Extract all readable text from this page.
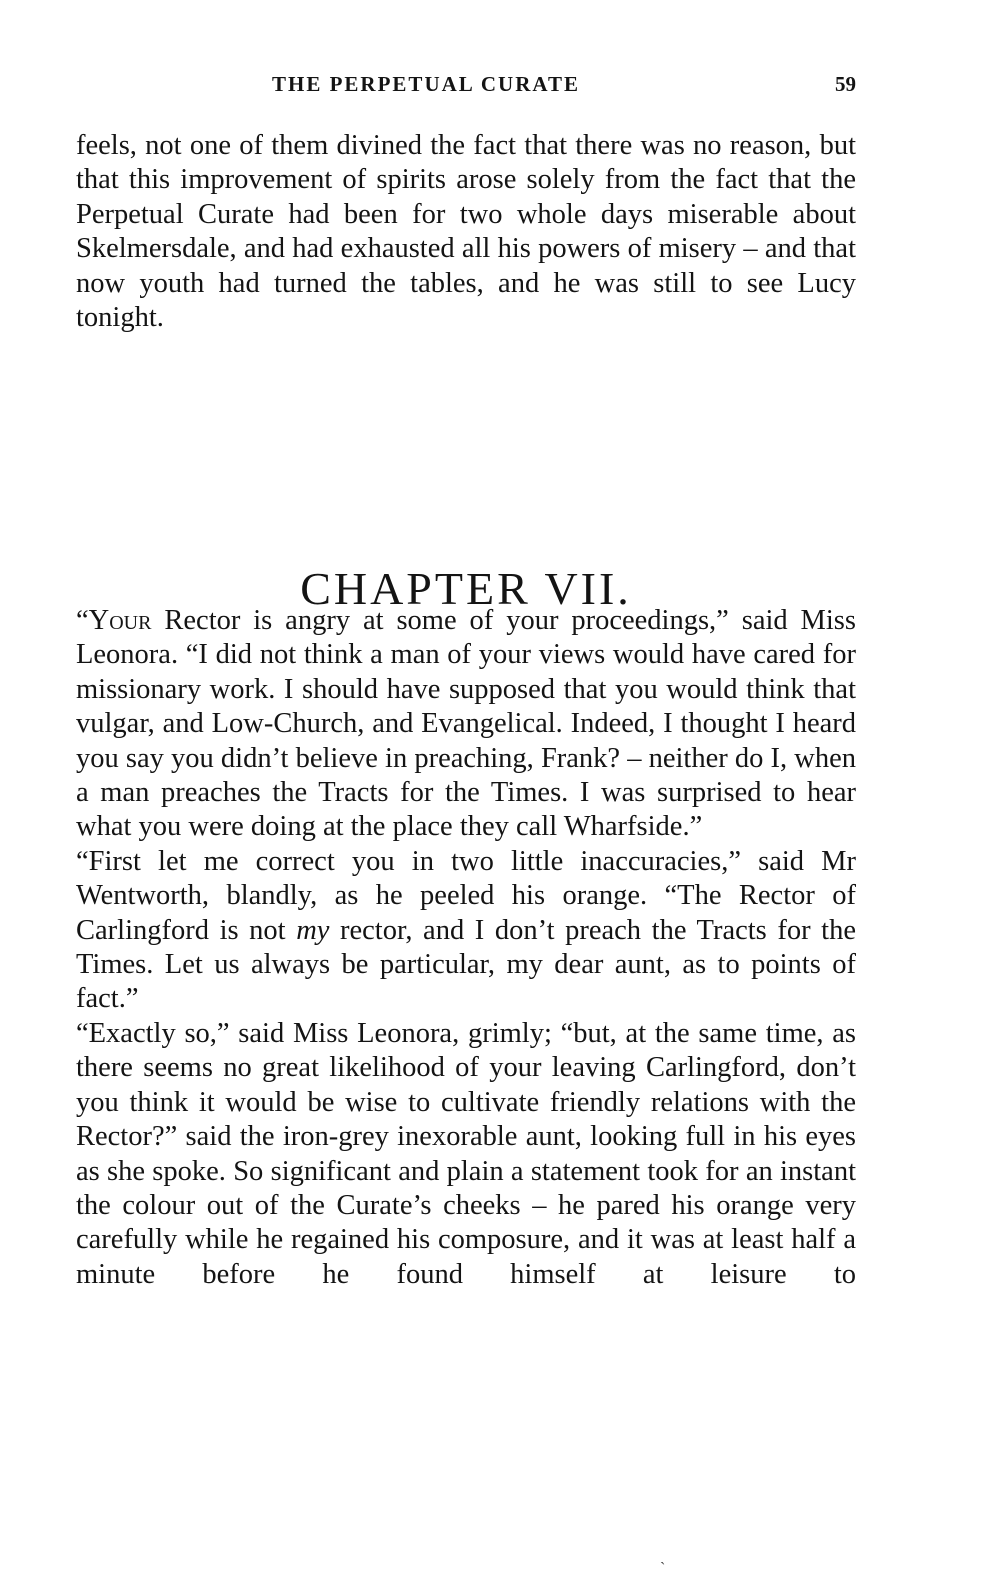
THE PERPETUAL CURATE	59

feels, not one of them divined the fact that there was no reason, but that this improvement of spirits arose solely from the fact that the Perpetual Curate had been for two whole days miserable about Skelmersdale, and had exhausted all his powers of misery – and that now youth had turned the tables, and he was still to see Lucy tonight.

CHAPTER VII.

“Your Rector is angry at some of your proceedings,” said Miss Leonora. “I did not think a man of your views would have cared for missionary work. I should have supposed that you would think that vulgar, and Low-Church, and Evangelical. Indeed, I thought I heard you say you didn’t believe in preaching, Frank? – neither do I, when a man preaches the Tracts for the Times. I was surprised to hear what you were doing at the place they call Wharfside.”

“First let me correct you in two little inaccuracies,” said Mr Wentworth, blandly, as he peeled his orange. “The Rector of Carlingford is not my rector, and I don’t preach the Tracts for the Times. Let us always be particular, my dear aunt, as to points of fact.”

“Exactly so,” said Miss Leonora, grimly; “but, at the same time, as there seems no great likelihood of your leaving Carlingford, don’t you think it would be wise to cultivate friendly relations with the Rector?” said the iron-grey inexorable aunt, looking full in his eyes as she spoke. So significant and plain a statement took for an instant the colour out of the Curate’s cheeks – he pared his orange very carefully while he regained his composure, and it was at least half a minute before he found himself at leisure to

ˏ
